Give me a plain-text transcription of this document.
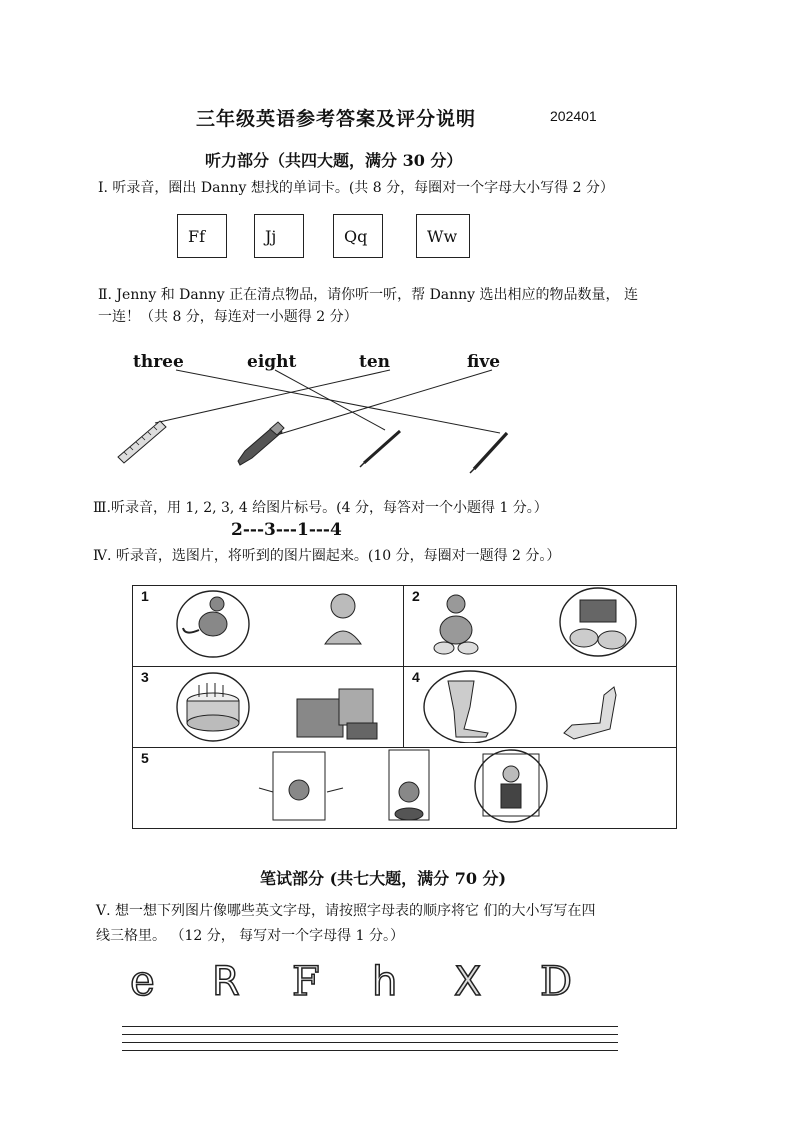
三年级英语参考答案及评分说明	202401
听力部分（共四大题，满分 30 分）
Ⅰ. 听录音，圈出 Danny 想找的单词卡。(共 8 分，每圈对一个字母大小写得 2 分）
Ff	Jj	Qq	Ww
Ⅱ. Jenny 和 Danny 正在清点物品，请你听一听，帮 Danny 选出相应的物品数量， 连
一连！（共 8 分，每连对一小题得 2 分）
three	eight	ten	five
Ⅲ.听录音，用 1, 2, 3, 4 给图片标号。(4 分，每答对一个小题得 1 分。）
2---3---1---4
Ⅳ. 听录音，选图片，将听到的图片圈起来。(10 分，每圈对一题得 2 分。）
1	2

3	4

5	
笔试部分 (共七大题，满分 70 分)
Ⅴ. 想一想下列图片像哪些英文字母，请按照字母表的顺序将它 们的大小写写在四
线三格里。 （12 分， 每写对一个字母得 1 分。）
e R F h X D
